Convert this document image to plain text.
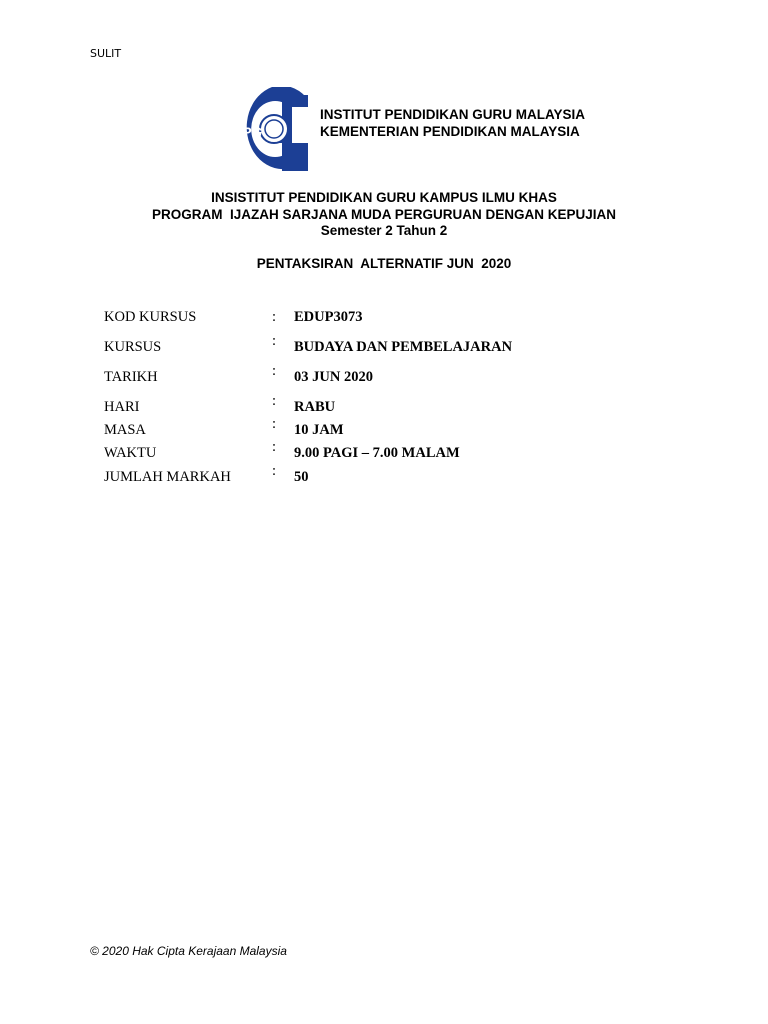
SULIT
iPG
INSTITUT PENDIDIKAN GURU MALAYSIA
KEMENTERIAN PENDIDIKAN MALAYSIA
INSISTITUT PENDIDIKAN GURU KAMPUS ILMU KHAS
PROGRAM  IJAZAH SARJANA MUDA PERGURUAN DENGAN KEPUJIAN
Semester 2 Tahun 2
PENTAKSIRAN  ALTERNATIF JUN  2020
KOD KURSUS	: EDUP3073
KURSUS	: BUDAYA DAN PEMBELAJARAN
TARIKH	: 03 JUN 2020
HARI	: RABU
MASA	: 10 JAM
WAKTU	: 9.00 PAGI – 7.00 MALAM
JUMLAH MARKAH	: 50
© 2020 Hak Cipta Kerajaan Malaysia
